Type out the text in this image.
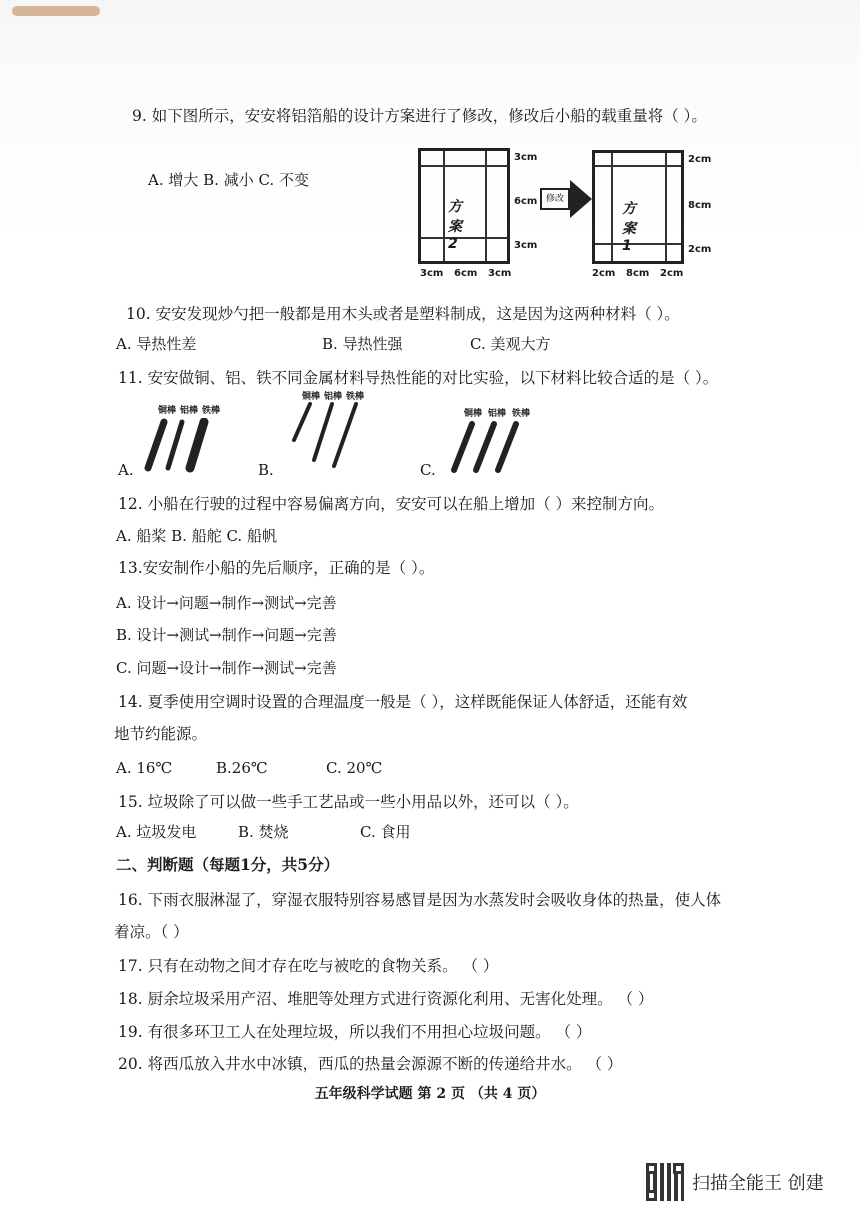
9. 如下图所示，安安将铝箔船的设计方案进行了修改，修改后小船的载重量将（ ）。
A. 增大 B. 减小 C. 不变
方案2
3cm
6cm
3cm
3cm 6cm 3cm
修改
方案1
2cm
8cm
2cm
2cm 8cm 2cm
10. 安安发现炒勺把一般都是用木头或者是塑料制成，这是因为这两种材料（ ）。
A. 导热性差	B. 导热性强	C. 美观大方
11. 安安做铜、铝、铁不同金属材料导热性能的对比实验，以下材料比较合适的是（ ）。
铜棒 铝棒 铁棒
铜棒 铝棒 铁棒
铜棒 铝棒 铁棒
A.	B.	C.
12. 小船在行驶的过程中容易偏离方向，安安可以在船上增加（ ）来控制方向。
A. 船桨 B. 船舵 C. 船帆
13.安安制作小船的先后顺序，正确的是（ ）。
A. 设计→问题→制作→测试→完善
B. 设计→测试→制作→问题→完善
C. 问题→设计→制作→测试→完善
14. 夏季使用空调时设置的合理温度一般是（ ），这样既能保证人体舒适，还能有效
地节约能源。
A. 16℃	B.26℃	C. 20℃
15. 垃圾除了可以做一些手工艺品或一些小用品以外，还可以（ ）。
A. 垃圾发电	B. 焚烧	C. 食用
二、判断题（每题1分，共5分）
16. 下雨衣服淋湿了，穿湿衣服特别容易感冒是因为水蒸发时会吸收身体的热量，使人体
着凉。（ ）
17. 只有在动物之间才存在吃与被吃的食物关系。 （ ）
18. 厨余垃圾采用产沼、堆肥等处理方式进行资源化利用、无害化处理。 （ ）
19. 有很多环卫工人在处理垃圾，所以我们不用担心垃圾问题。 （ ）
20. 将西瓜放入井水中冰镇，西瓜的热量会源源不断的传递给井水。 （ ）
五年级科学试题 第 2 页 （共 4 页）
扫描全能王 创建
